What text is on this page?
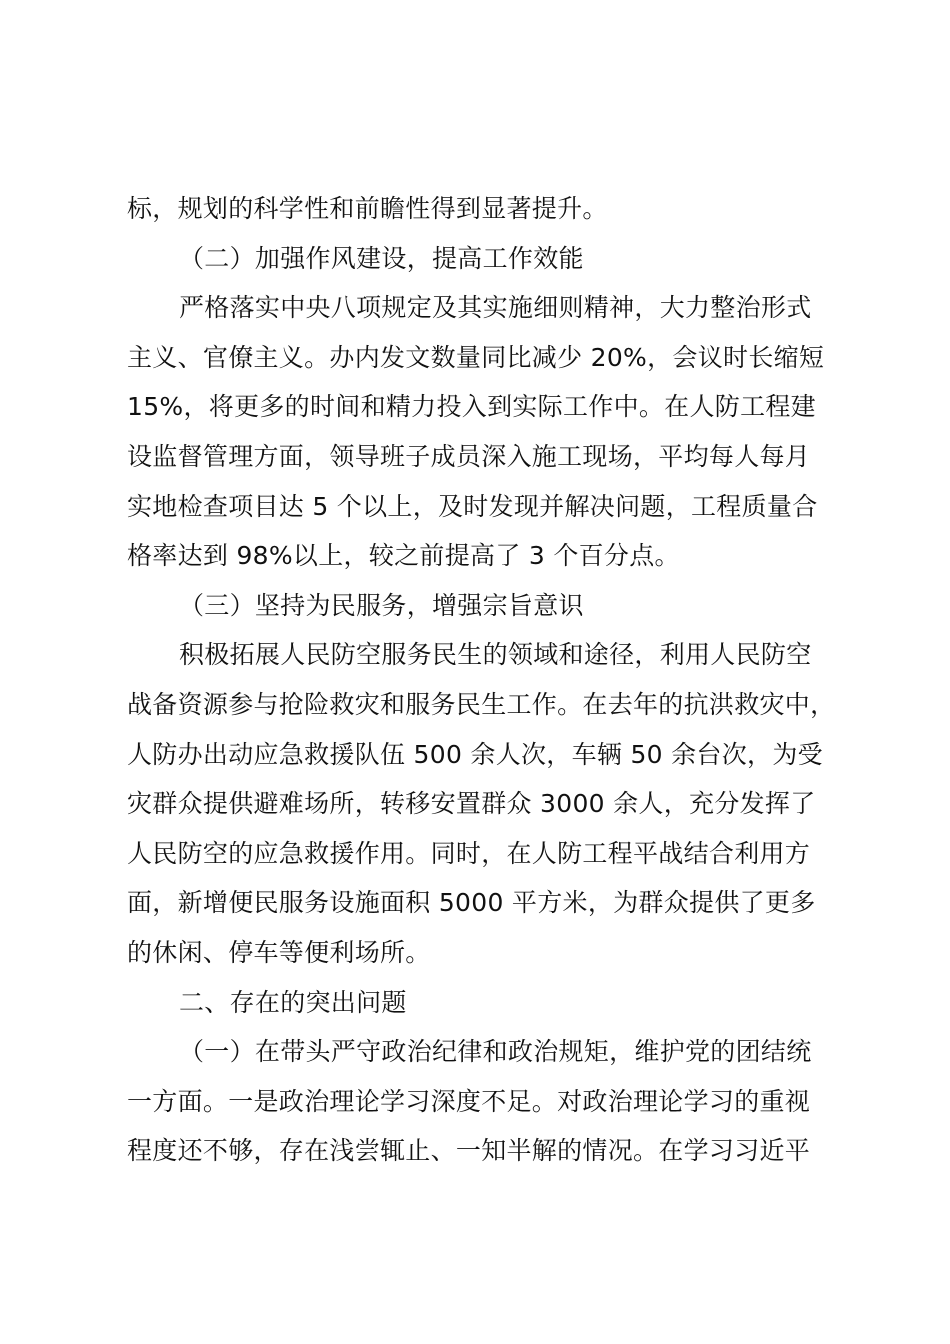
标，规划的科学性和前瞻性得到显著提升。
（二）加强作风建设，提高工作效能
严格落实中央八项规定及其实施细则精神，大力整治形式
主义、官僚主义。办内发文数量同比减少 20%，会议时长缩短
15%，将更多的时间和精力投入到实际工作中。在人防工程建
设监督管理方面，领导班子成员深入施工现场，平均每人每月
实地检查项目达 5 个以上，及时发现并解决问题，工程质量合
格率达到 98%以上，较之前提高了 3 个百分点。
（三）坚持为民服务，增强宗旨意识
积极拓展人民防空服务民生的领域和途径，利用人民防空
战备资源参与抢险救灾和服务民生工作。在去年的抗洪救灾中，
人防办出动应急救援队伍 500 余人次，车辆 50 余台次，为受
灾群众提供避难场所，转移安置群众 3000 余人，充分发挥了
人民防空的应急救援作用。同时，在人防工程平战结合利用方
面，新增便民服务设施面积 5000 平方米，为群众提供了更多
的休闲、停车等便利场所。
二、存在的突出问题
（一）在带头严守政治纪律和政治规矩，维护党的团结统
一方面。一是政治理论学习深度不足。对政治理论学习的重视
程度还不够，存在浅尝辄止、一知半解的情况。在学习习近平
